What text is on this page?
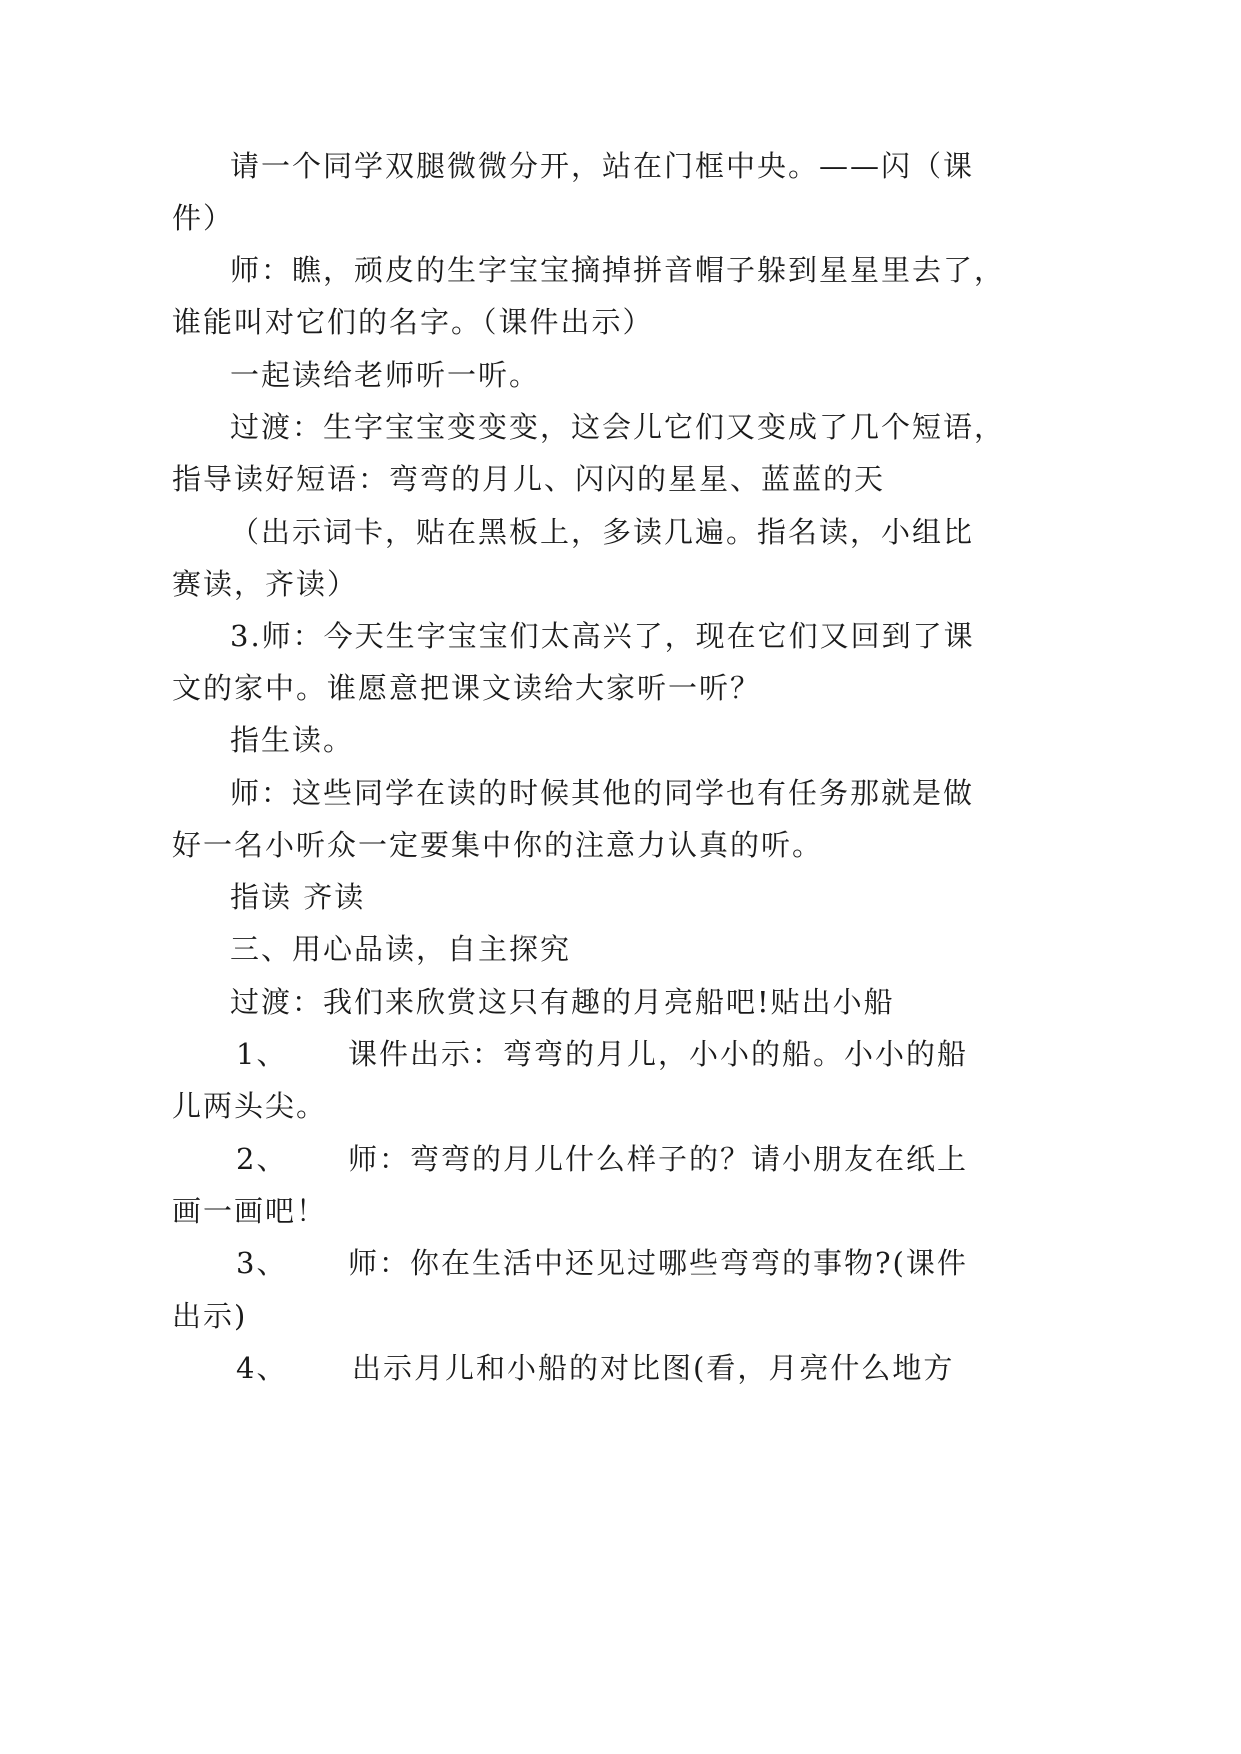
请一个同学双腿微微分开，站在门框中央。——闪（课
件）
师：瞧，顽皮的生字宝宝摘掉拼音帽子躲到星星里去了，
谁能叫对它们的名字。（课件出示）
一起读给老师听一听。
过渡：生字宝宝变变变，这会儿它们又变成了几个短语，
指导读好短语：弯弯的月儿、闪闪的星星、蓝蓝的天
（出示词卡，贴在黑板上，多读几遍。指名读，小组比
赛读，齐读）
3.师：今天生字宝宝们太高兴了，现在它们又回到了课
文的家中。谁愿意把课文读给大家听一听？
指生读。
师：这些同学在读的时候其他的同学也有任务那就是做
好一名小听众一定要集中你的注意力认真的听。
指读 齐读
三、用心品读，自主探究
过渡：我们来欣赏这只有趣的月亮船吧!贴出小船
1、 课件出示：弯弯的月儿，小小的船。小小的船
儿两头尖。
2、 师：弯弯的月儿什么样子的？请小朋友在纸上
画一画吧！
3、 师：你在生活中还见过哪些弯弯的事物?(课件
出示)
4、 出示月儿和小船的对比图(看，月亮什么地方
